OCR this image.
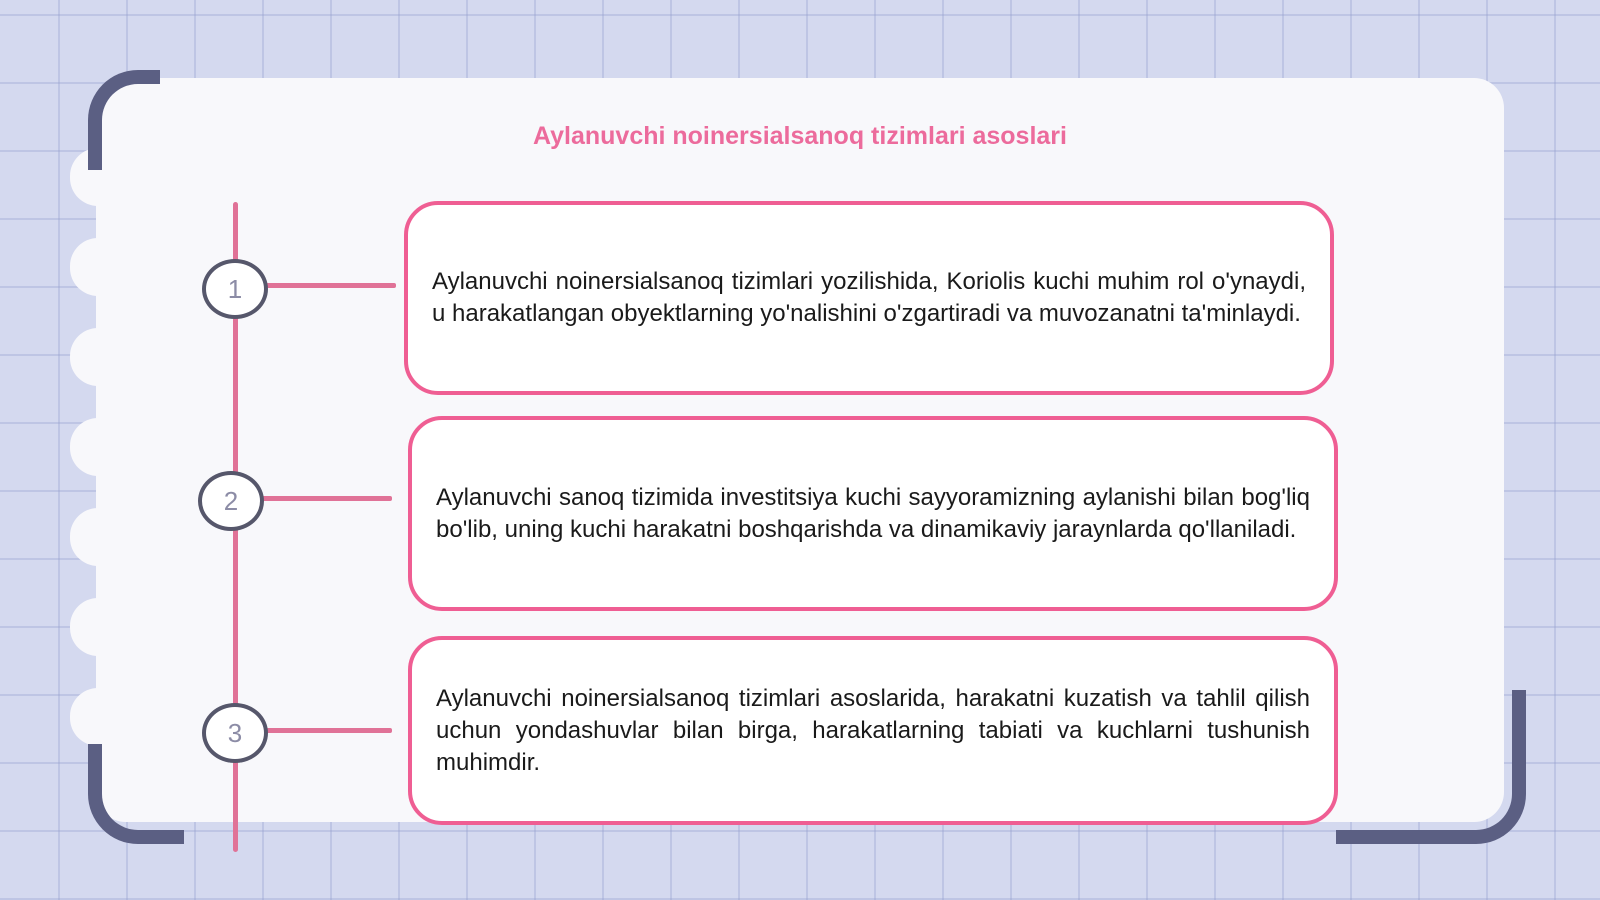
Aylanuvchi noinersialsanoq tizimlari asoslari
1
2
3

Aylanuvchi noinersialsanoq tizimlari yozilishida, Koriolis kuchi muhim rol o'ynaydi, u harakatlangan obyektlarning yo'nalishini o'zgartiradi va muvozanatni ta'minlaydi.

Aylanuvchi sanoq tizimida investitsiya kuchi sayyoramizning aylanishi bilan bog'liq bo'lib, uning kuchi harakatni boshqarishda va dinamikaviy jaraynlarda qo'llaniladi.

Aylanuvchi noinersialsanoq tizimlari asoslarida, harakatni kuzatish va tahlil qilish uchun yondashuvlar bilan birga, harakatlarning tabiati va kuchlarni tushunish muhimdir.
